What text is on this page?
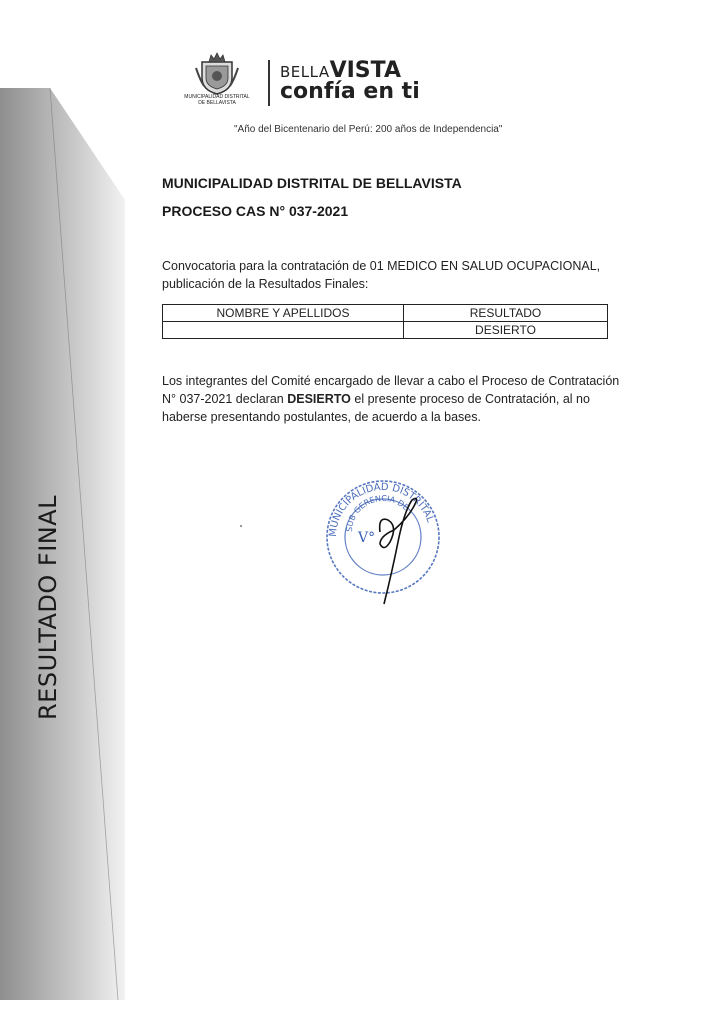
RESULTADO FINAL
MUNICIPALIDAD DISTRITAL
DE BELLAVISTA
BELLAVISTA
confía en ti
"Año del Bicentenario del Perú: 200 años de Independencia"
MUNICIPALIDAD DISTRITAL DE BELLAVISTA
PROCESO CAS N° 037-2021
Convocatoria para la contratación de 01 MEDICO EN SALUD OCUPACIONAL,
publicación de la Resultados Finales:
NOMBRE Y APELLIDOS	RESULTADO
	DESIERTO
Los integrantes del Comité encargado de llevar a cabo el Proceso de Contratación N° 037-2021 declaran DESIERTO el presente proceso de Contratación, al no haberse presentando postulantes, de acuerdo a la bases.
MUNICIPALIDAD DISTRITAL
SUB GERENCIA DE
V°
